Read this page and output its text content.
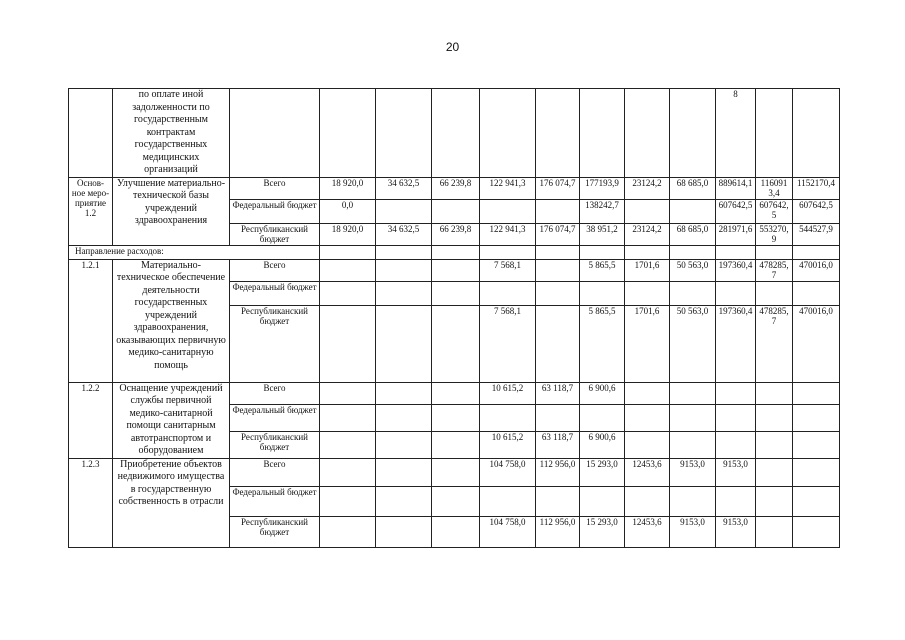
20
	по оплате иной задолженности по государственным контрактам государственных медицинских организаций										8		
Основ-ное меро-приятие 1.2	Улучшение материально-технической базы учреждений здравоохранения	Всего	18 920,0	34 632,5	66 239,8	122 941,3	176 074,7	177193,9	23124,2	68 685,0	889614,1	1160913,4	1152170,4
		Федеральный бюджет	0,0					138242,7			607642,5	607642,5	607642,5
		Республиканский бюджет	18 920,0	34 632,5	66 239,8	122 941,3	176 074,7	38 951,2	23124,2	68 685,0	281971,6	553270,9	544527,9
Направление расходов:													
1.2.1	Материально-техническое обеспечение деятельности государственных учреждений здравоохранения, оказывающих первичную медико-санитарную помощь	Всего				7 568,1		5 865,5	1701,6	50 563,0	197360,4	478285,7	470016,0
		Федеральный бюджет											
		Республиканский бюджет				7 568,1		5 865,5	1701,6	50 563,0	197360,4	478285,7	470016,0
1.2.2	Оснащение учреждений службы первичной медико-санитарной помощи санитарным автотранспортом и оборудованием	Всего				10 615,2	63 118,7	6 900,6					
		Федеральный бюджет											
		Республиканский бюджет				10 615,2	63 118,7	6 900,6					
1.2.3	Приобретение объектов недвижимого имущества в государственную собственность в отрасли	Всего				104 758,0	112 956,0	15 293,0	12453,6	9153,0	9153,0		
		Федеральный бюджет											
		Республиканский бюджет				104 758,0	112 956,0	15 293,0	12453,6	9153,0	9153,0		
